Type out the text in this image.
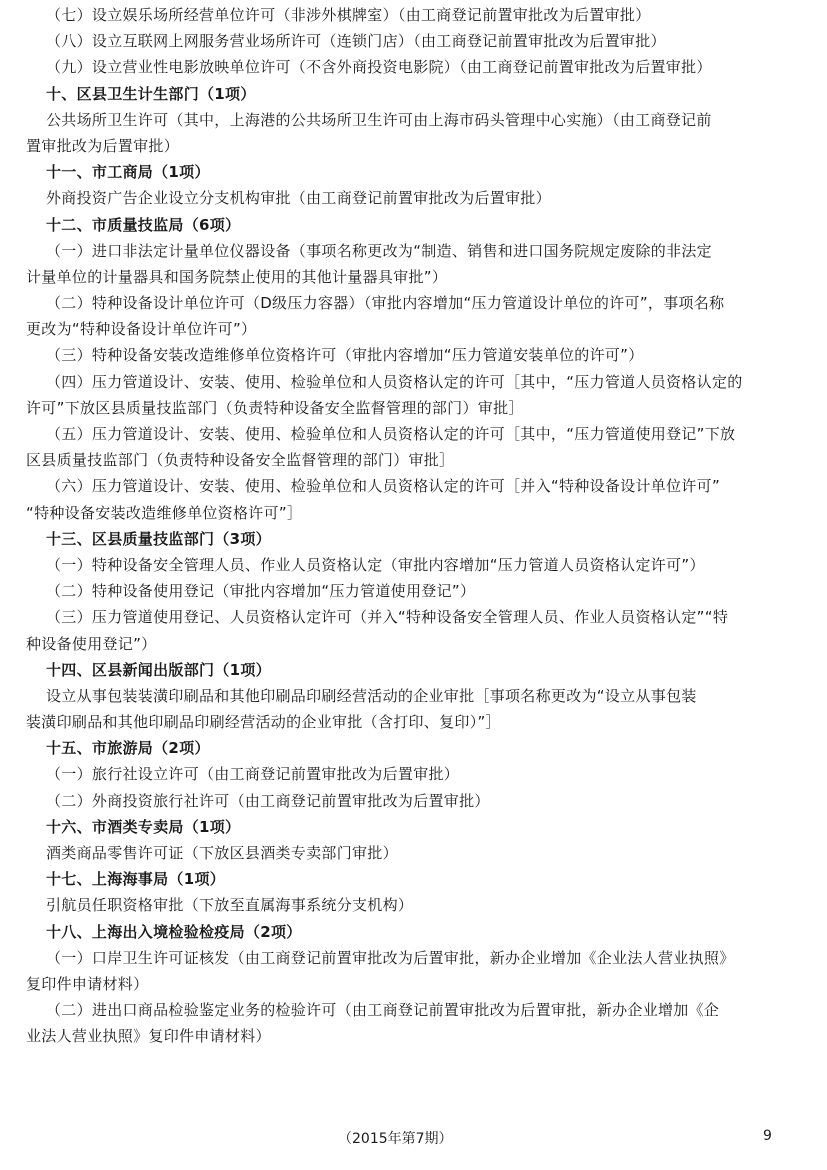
（七）设立娱乐场所经营单位许可（非涉外棋牌室）（由工商登记前置审批改为后置审批）
（八）设立互联网上网服务营业场所许可（连锁门店）（由工商登记前置审批改为后置审批）
（九）设立营业性电影放映单位许可（不含外商投资电影院）（由工商登记前置审批改为后置审批）
十、区县卫生计生部门（1项）
公共场所卫生许可（其中，上海港的公共场所卫生许可由上海市码头管理中心实施）（由工商登记前
置审批改为后置审批）
十一、市工商局（1项）
外商投资广告企业设立分支机构审批（由工商登记前置审批改为后置审批）
十二、市质量技监局（6项）
（一）进口非法定计量单位仪器设备（事项名称更改为“制造、销售和进口国务院规定废除的非法定
计量单位的计量器具和国务院禁止使用的其他计量器具审批”）
（二）特种设备设计单位许可（D级压力容器）（审批内容增加“压力管道设计单位的许可”，事项名称
更改为“特种设备设计单位许可”）
（三）特种设备安装改造维修单位资格许可（审批内容增加“压力管道安装单位的许可”）
（四）压力管道设计、安装、使用、检验单位和人员资格认定的许可［其中，“压力管道人员资格认定的
许可”下放区县质量技监部门（负责特种设备安全监督管理的部门）审批］
（五）压力管道设计、安装、使用、检验单位和人员资格认定的许可［其中，“压力管道使用登记”下放
区县质量技监部门（负责特种设备安全监督管理的部门）审批］
（六）压力管道设计、安装、使用、检验单位和人员资格认定的许可［并入“特种设备设计单位许可”
“特种设备安装改造维修单位资格许可”］
十三、区县质量技监部门（3项）
（一）特种设备安全管理人员、作业人员资格认定（审批内容增加“压力管道人员资格认定许可”）
（二）特种设备使用登记（审批内容增加“压力管道使用登记”）
（三）压力管道使用登记、人员资格认定许可（并入“特种设备安全管理人员、作业人员资格认定”“特
种设备使用登记”）
十四、区县新闻出版部门（1项）
设立从事包装装潢印刷品和其他印刷品印刷经营活动的企业审批［事项名称更改为“设立从事包装
装潢印刷品和其他印刷品印刷经营活动的企业审批（含打印、复印）”］
十五、市旅游局（2项）
（一）旅行社设立许可（由工商登记前置审批改为后置审批）
（二）外商投资旅行社许可（由工商登记前置审批改为后置审批）
十六、市酒类专卖局（1项）
酒类商品零售许可证（下放区县酒类专卖部门审批）
十七、上海海事局（1项）
引航员任职资格审批（下放至直属海事系统分支机构）
十八、上海出入境检验检疫局（2项）
（一）口岸卫生许可证核发（由工商登记前置审批改为后置审批，新办企业增加《企业法人营业执照》
复印件申请材料）
（二）进出口商品检验鉴定业务的检验许可（由工商登记前置审批改为后置审批，新办企业增加《企
业法人营业执照》复印件申请材料）
（2015年第7期）	9
